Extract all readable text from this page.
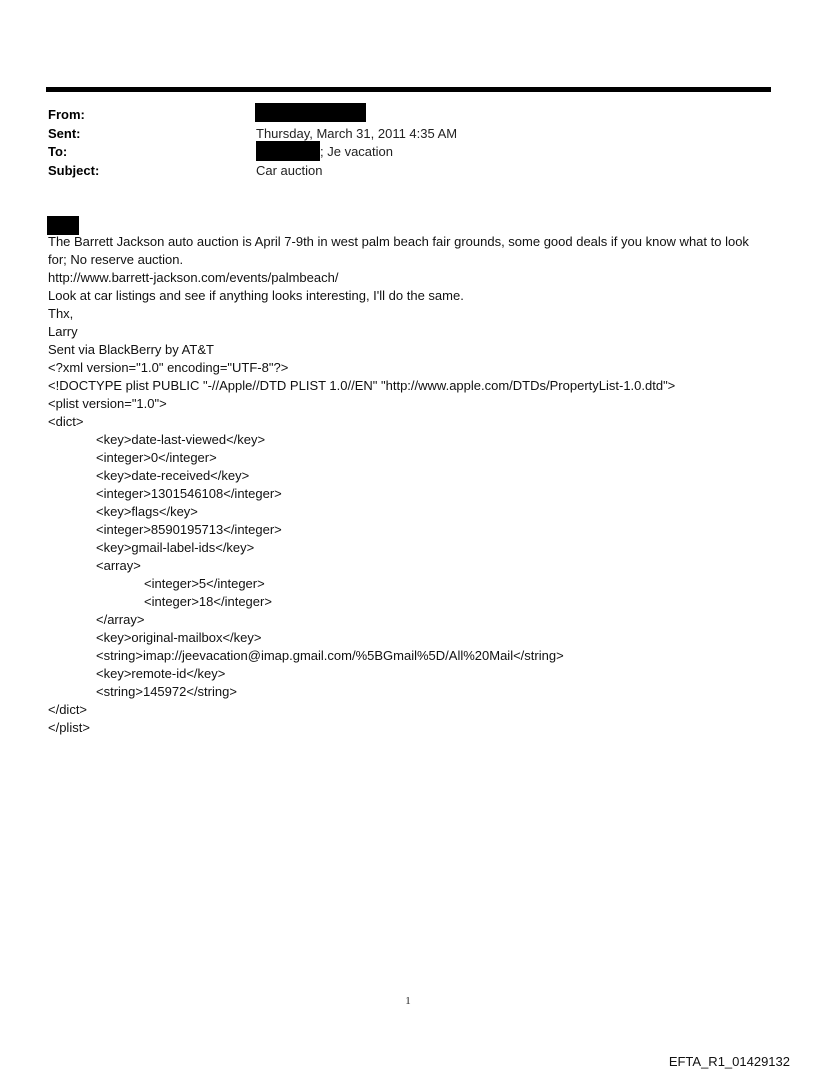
From:
Sent:	Thursday, March 31, 2011 4:35 AM
To:	; Je vacation
Subject:	Car auction
The Barrett Jackson auto auction is April 7-9th in west palm beach fair grounds, some good deals if you know what to look for; No reserve auction.
http://www.barrett-jackson.com/events/palmbeach/
Look at car listings and see if anything looks interesting, I'll do the same.
Thx,
Larry
Sent via BlackBerry by AT&T
<?xml version="1.0" encoding="UTF-8"?>
<!DOCTYPE plist PUBLIC "-//Apple//DTD PLIST 1.0//EN" "http://www.apple.com/DTDs/PropertyList-1.0.dtd">
<plist version="1.0">
<dict>
<key>date-last-viewed</key>
<integer>0</integer>
<key>date-received</key>
<integer>1301546108</integer>
<key>flags</key>
<integer>8590195713</integer>
<key>gmail-label-ids</key>
<array>
<integer>5</integer>
<integer>18</integer>
</array>
<key>original-mailbox</key>
<string>imap://jeevacation@imap.gmail.com/%5BGmail%5D/All%20Mail</string>
<key>remote-id</key>
<string>145972</string>
</dict>
</plist>
1
EFTA_R1_01429132
